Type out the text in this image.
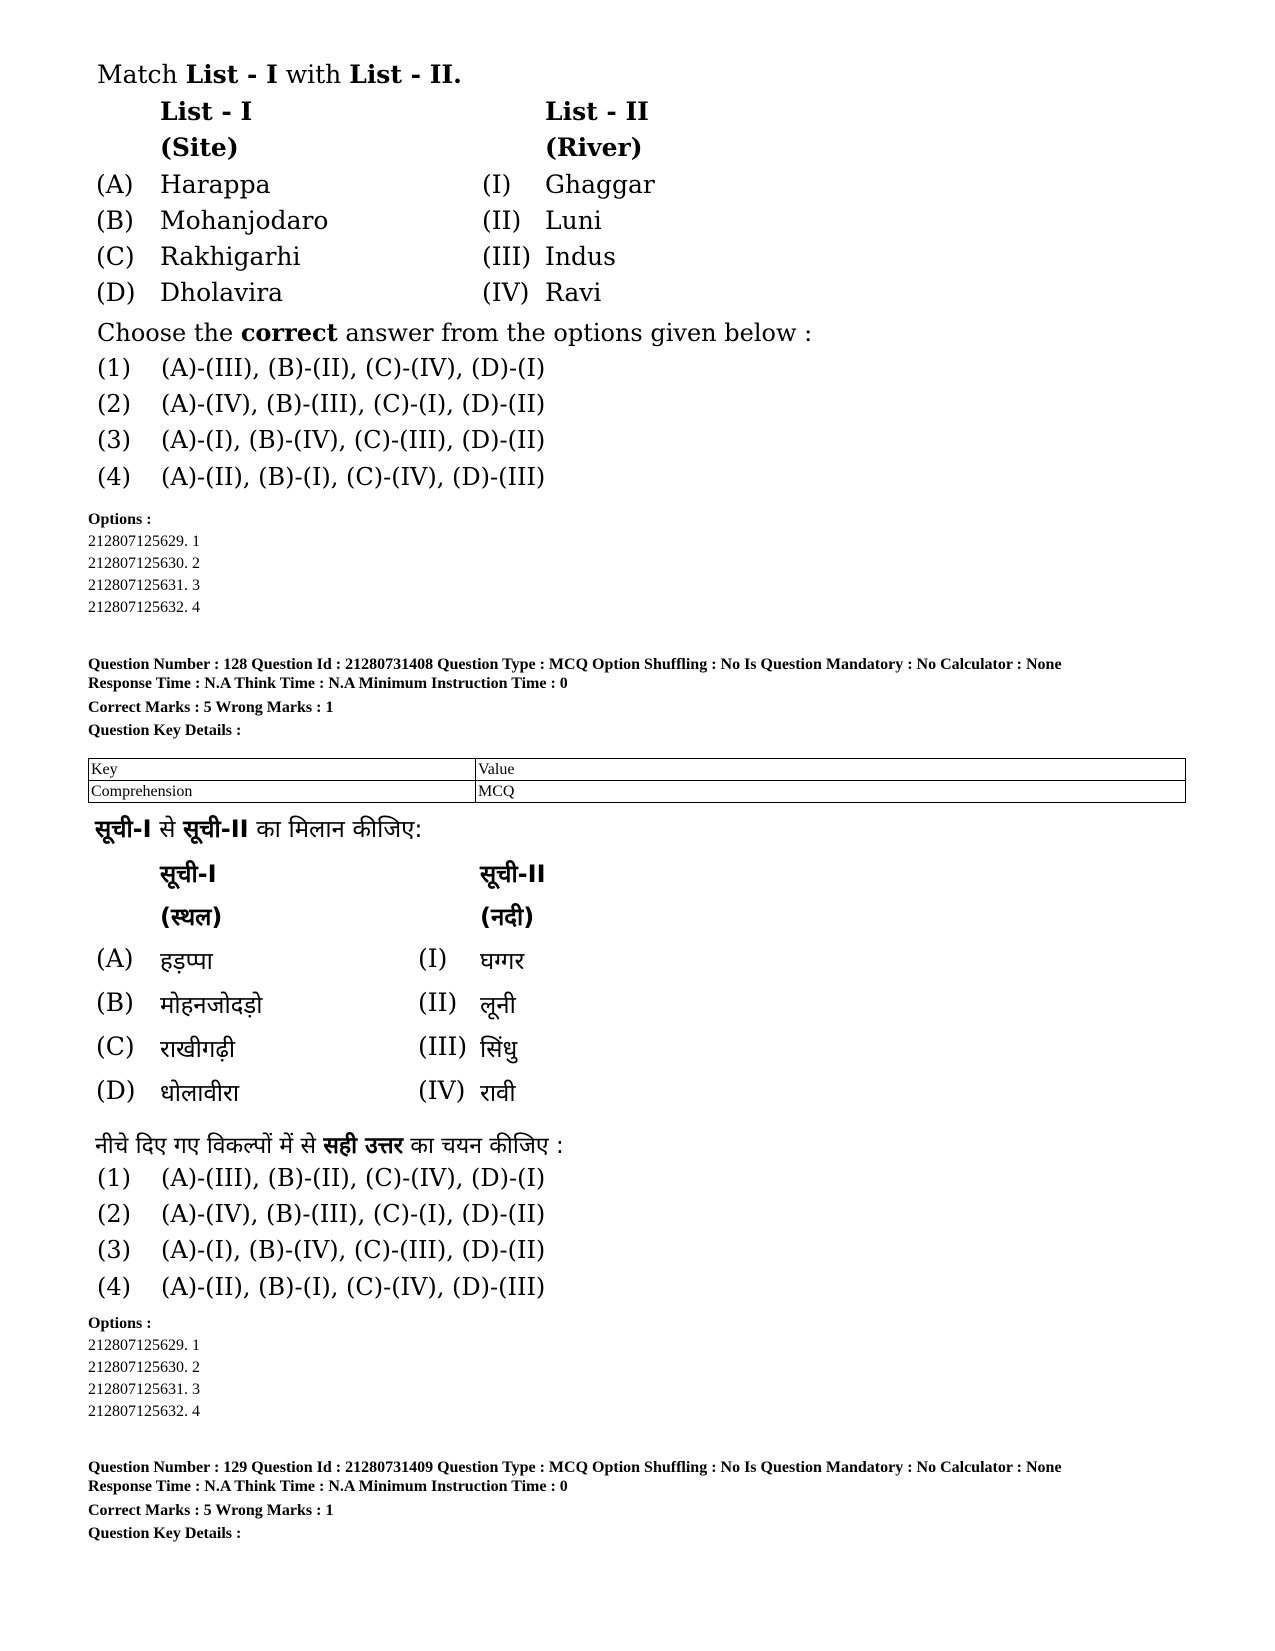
Match List - I with List - II.
List - I
(Site)
List - II
(River)
(A) Harappa	(I) Ghaggar
(B) Mohanjodaro	(II) Luni
(C) Rakhigarhi	(III) Indus
(D) Dholavira	(IV) Ravi
Choose the correct answer from the options given below :
(1) (A)-(III), (B)-(II), (C)-(IV), (D)-(I)
(2) (A)-(IV), (B)-(III), (C)-(I), (D)-(II)
(3) (A)-(I), (B)-(IV), (C)-(III), (D)-(II)
(4) (A)-(II), (B)-(I), (C)-(IV), (D)-(III)
Options :
212807125629. 1
212807125630. 2
212807125631. 3
212807125632. 4
Question Number : 128 Question Id : 21280731408 Question Type : MCQ Option Shuffling : No Is Question Mandatory : No Calculator : None
Response Time : N.A Think Time : N.A Minimum Instruction Time : 0
Correct Marks : 5 Wrong Marks : 1
Question Key Details :
Key	Value
Comprehension	MCQ
सूची-I से सूची-II का मिलान कीजिए:
सूची-I
(स्थल)
सूची-II
(नदी)
(A) हड़प्पा	(I) घग्गर
(B) मोहनजोदड़ो	(II) लूनी
(C) राखीगढ़ी	(III) सिंधु
(D) धोलावीरा	(IV) रावी
नीचे दिए गए विकल्पों में से सही उत्तर का चयन कीजिए :
(1) (A)-(III), (B)-(II), (C)-(IV), (D)-(I)
(2) (A)-(IV), (B)-(III), (C)-(I), (D)-(II)
(3) (A)-(I), (B)-(IV), (C)-(III), (D)-(II)
(4) (A)-(II), (B)-(I), (C)-(IV), (D)-(III)
Options :
212807125629. 1
212807125630. 2
212807125631. 3
212807125632. 4
Question Number : 129 Question Id : 21280731409 Question Type : MCQ Option Shuffling : No Is Question Mandatory : No Calculator : None
Response Time : N.A Think Time : N.A Minimum Instruction Time : 0
Correct Marks : 5 Wrong Marks : 1
Question Key Details :
